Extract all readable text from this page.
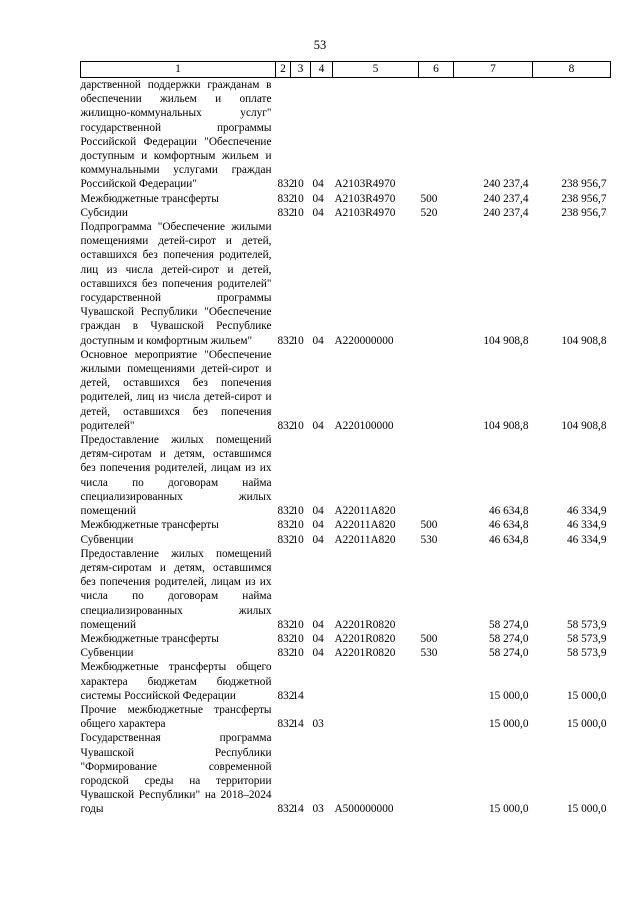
53
1	2	3	4	5	6	7	8
дарственной поддержки гражданам в обеспечении жильем и оплате жилищно-коммунальных услуг" государственной программы Российской Федерации "Обеспечение доступным и комфортным жильем и коммунальными услугами граждан Российской Федерации"	832	10	04	A2103R4970		240 237,4	238 956,7
Межбюджетные трансферты	832	10	04	A2103R4970	500	240 237,4	238 956,7
Субсидии	832	10	04	A2103R4970	520	240 237,4	238 956,7
Подпрограмма "Обеспечение жилыми помещениями детей-сирот и детей, оставшихся без попечения родителей, лиц из числа детей-сирот и детей, оставшихся без попечения родителей" государственной программы Чувашской Республики "Обеспечение граждан в Чувашской Республике доступным и комфортным жильем"	832	10	04	A220000000		104 908,8	104 908,8
Основное мероприятие "Обеспечение жилыми помещениями детей-сирот и детей, оставшихся без попечения родителей, лиц из числа детей-сирот и детей, оставшихся без попечения родителей"	832	10	04	A220100000		104 908,8	104 908,8
Предоставление жилых помещений детям-сиротам и детям, оставшимся без попечения родителей, лицам из их числа по договорам найма специализированных жилых помещений	832	10	04	A22011A820		46 634,8	46 334,9
Межбюджетные трансферты	832	10	04	A22011A820	500	46 634,8	46 334,9
Субвенции	832	10	04	A22011A820	530	46 634,8	46 334,9
Предоставление жилых помещений детям-сиротам и детям, оставшимся без попечения родителей, лицам из их числа по договорам найма специализированных жилых помещений	832	10	04	A2201R0820		58 274,0	58 573,9
Межбюджетные трансферты	832	10	04	A2201R0820	500	58 274,0	58 573,9
Субвенции	832	10	04	A2201R0820	530	58 274,0	58 573,9
Межбюджетные трансферты общего характера бюджетам бюджетной системы Российской Федерации	832	14				15 000,0	15 000,0
Прочие межбюджетные трансферты общего характера	832	14	03			15 000,0	15 000,0
Государственная программа Чувашской Республики "Формирование современной городской среды на территории Чувашской Республики" на 2018–2024 годы	832	14	03	A500000000		15 000,0	15 000,0
